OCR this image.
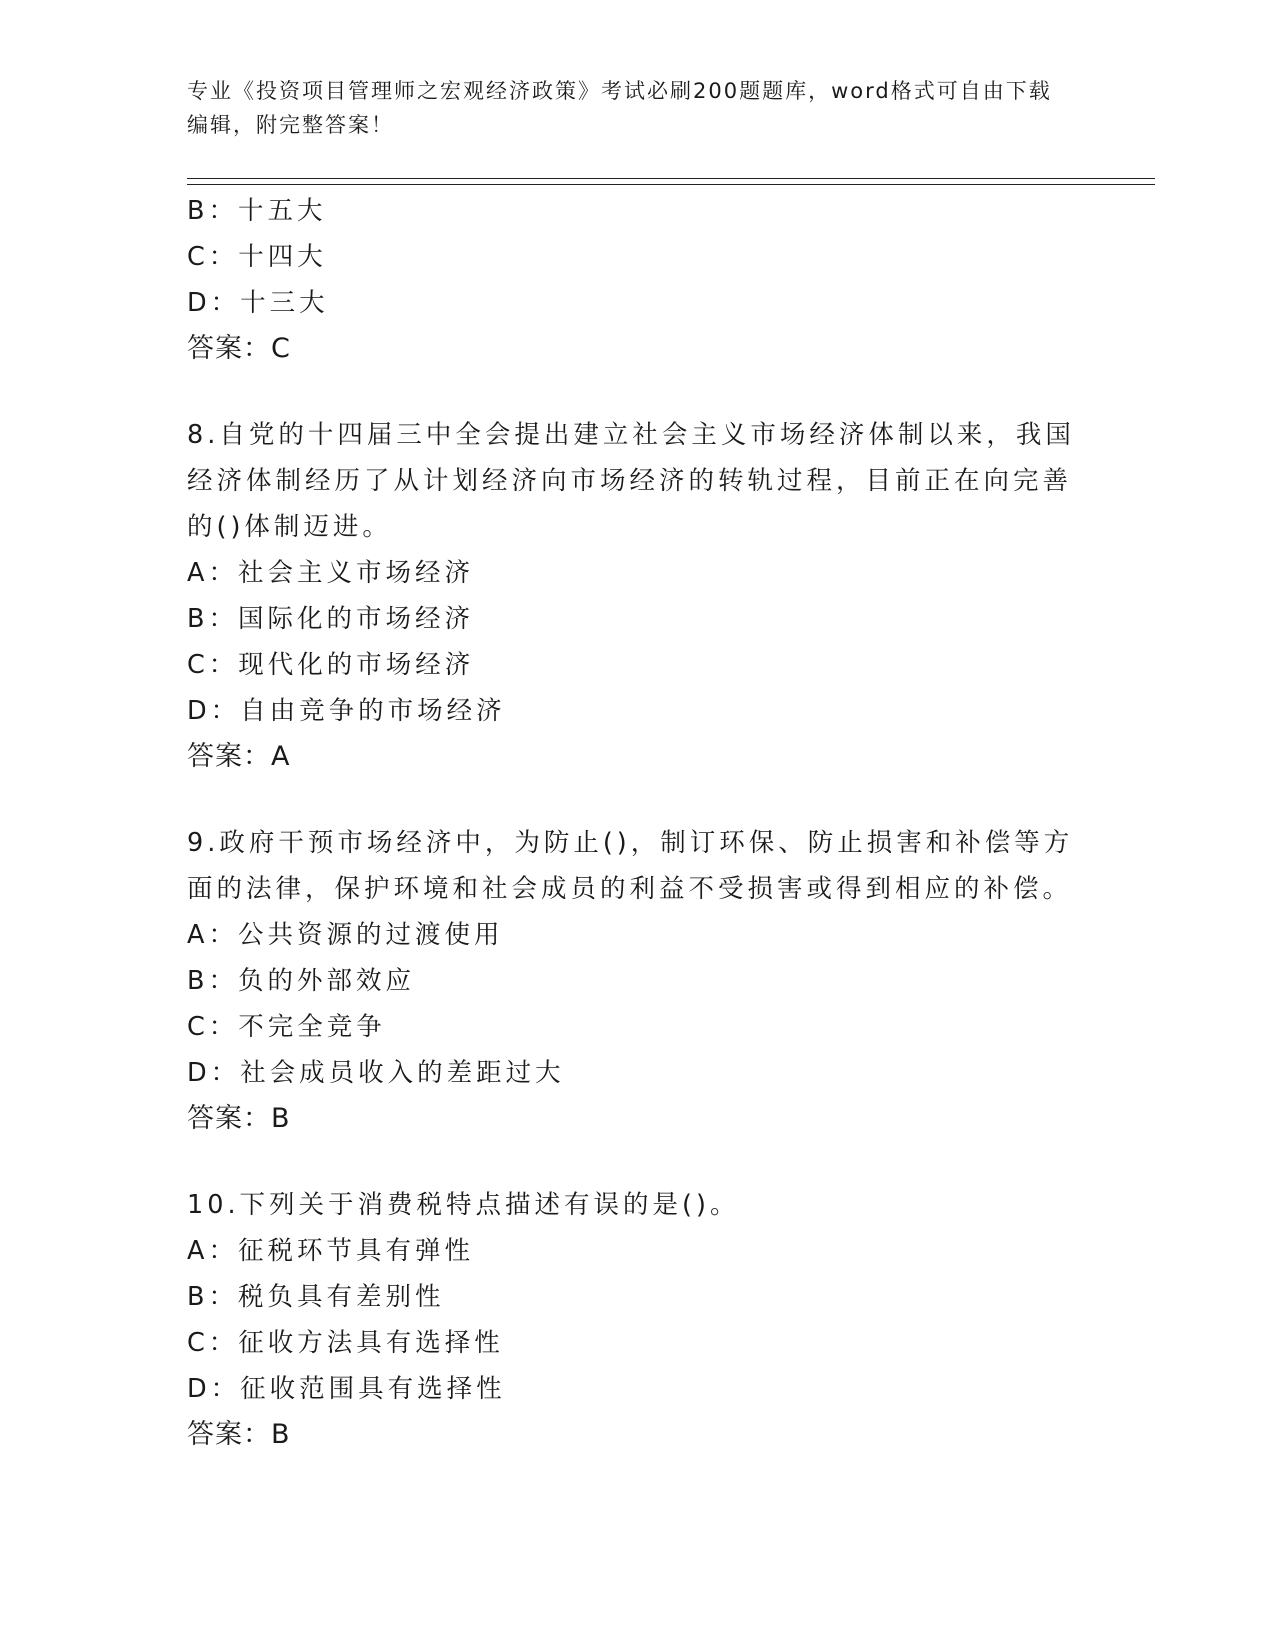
专业《投资项目管理师之宏观经济政策》考试必刷200题题库，word格式可自由下载编辑，附完整答案！
B：十五大
C：十四大
D：十三大
答案：C
8.自党的十四届三中全会提出建立社会主义市场经济体制以来，我国
经济体制经历了从计划经济向市场经济的转轨过程，目前正在向完善
的()体制迈进。
A：社会主义市场经济
B：国际化的市场经济
C：现代化的市场经济
D：自由竞争的市场经济
答案：A
9.政府干预市场经济中，为防止()，制订环保、防止损害和补偿等方
面的法律，保护环境和社会成员的利益不受损害或得到相应的补偿。
A：公共资源的过渡使用
B：负的外部效应
C：不完全竞争
D：社会成员收入的差距过大
答案：B
10.下列关于消费税特点描述有误的是()。
A：征税环节具有弹性
B：税负具有差别性
C：征收方法具有选择性
D：征收范围具有选择性
答案：B
